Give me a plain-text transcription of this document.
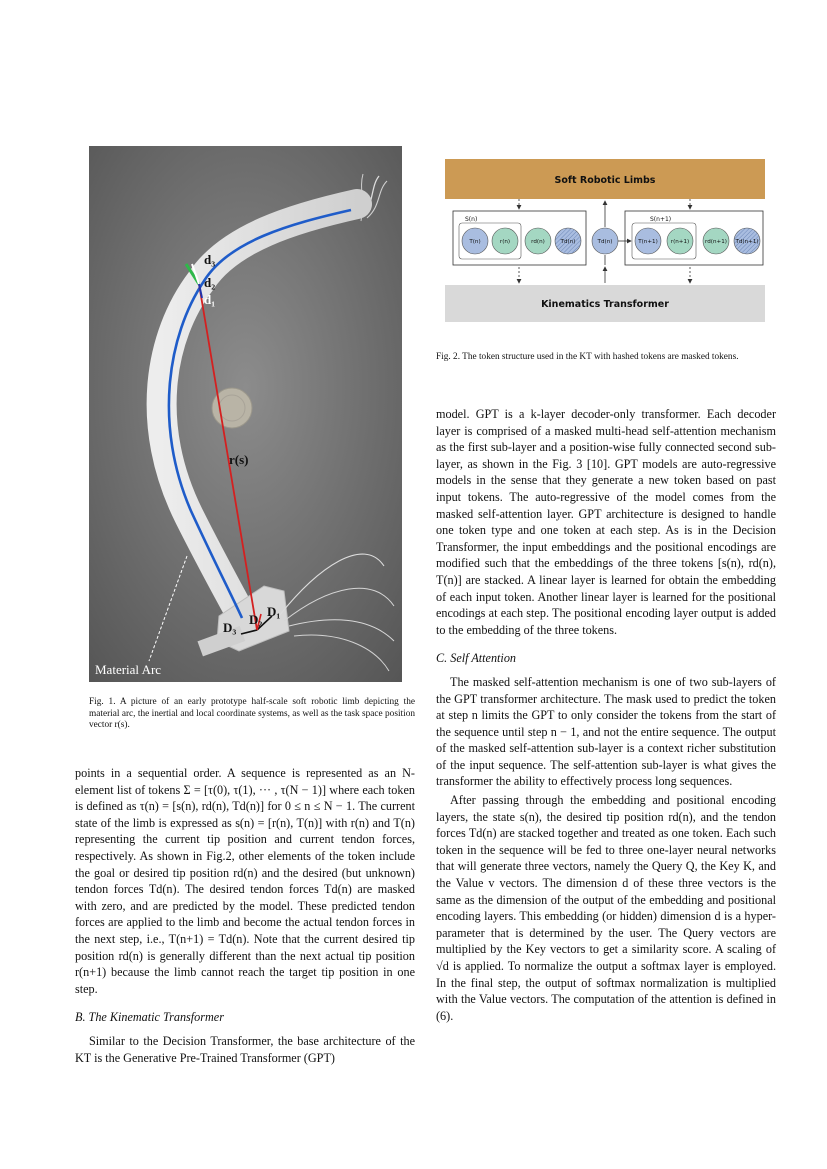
d₃
d₂
d₁
r(s)
D₁
D₂
D₃
Material Arc
Fig. 1. A picture of an early prototype half-scale soft robotic limb depicting the material arc, the inertial and local coordinate systems, as well as the task space position vector r(s).
Soft Robotic Limbs
Kinematics Transformer
S(n)	S(n+1)
T(n)	r(n)	rd(n)	Td(n)	Td(n)	T(n+1) r(n+1)	rd(n+1) Td(n+1)
Fig. 2. The token structure used in the KT with hashed tokens are masked tokens.

points in a sequential order. A sequence is represented as an N-element list of tokens Σ = [τ(0), τ(1), ··· , τ(N − 1)] where each token is defined as τ(n) = [s(n), rd(n), Td(n)] for 0 ≤ n ≤ N − 1. The current state of the limb is expressed as s(n) = [r(n), T(n)] with r(n) and T(n) representing the current tip position and current tendon forces, respectively. As shown in Fig.2, other elements of the token include the goal or desired tip position rd(n) and the desired (but unknown) tendon forces Td(n). The desired tendon forces Td(n) are masked with zero, and are predicted by the model. These predicted tendon forces are applied to the limb and become the actual tendon forces in the next step, i.e., T(n+1) = Td(n). Note that the current desired tip position rd(n) is generally different than the next actual tip position r(n+1) because the limb cannot reach the target tip position in one step.

B. The Kinematic Transformer

Similar to the Decision Transformer, the base architecture of the KT is the Generative Pre-Trained Transformer (GPT)

model. GPT is a k-layer decoder-only transformer. Each decoder layer is comprised of a masked multi-head self-attention mechanism as the first sub-layer and a position-wise fully connected second sub-layer, as shown in the Fig. 3 [10]. GPT models are auto-regressive models in the sense that they generate a new token based on past input tokens. The auto-regressive of the model comes from the masked self-attention layer. GPT architecture is designed to handle one token type and one token at each step. As is in the Decision Transformer, the input embeddings and the positional encodings are modified such that the embeddings of the three tokens [s(n), rd(n), T(n)] are stacked. A linear layer is learned for obtain the embedding of each input token. Another linear layer is learned for the positional encodings at each step. The positional encoding layer output is added to the embedding of the three tokens.

C. Self Attention

The masked self-attention mechanism is one of two sub-layers of the GPT transformer architecture. The mask used to predict the token at step n limits the GPT to only consider the tokens from the start of the sequence until step n − 1, and not the entire sequence. The output of the masked self-attention sub-layer is a context richer substitution of the input sequence. The self-attention sub-layer is what gives the transformer the ability to effectively process long sequences.

After passing through the embedding and positional encoding layers, the state s(n), the desired tip position rd(n), and the tendon forces Td(n) are stacked together and treated as one token. Each such token in the sequence will be fed to three one-layer neural networks that will generate three vectors, namely the Query Q, the Key K, and the Value v vectors. The dimension d of these three vectors is the same as the dimension of the output of the embedding and positional encoding layers. This embedding (or hidden) dimension d is a hyper-parameter that is determined by the user. The Query vectors are multiplied by the Key vectors to get a similarity score. A scaling of √d is applied. To normalize the output a softmax layer is employed. In the final step, the output of softmax normalization is multiplied with the Value vectors. The computation of the attention is defined in (6).
